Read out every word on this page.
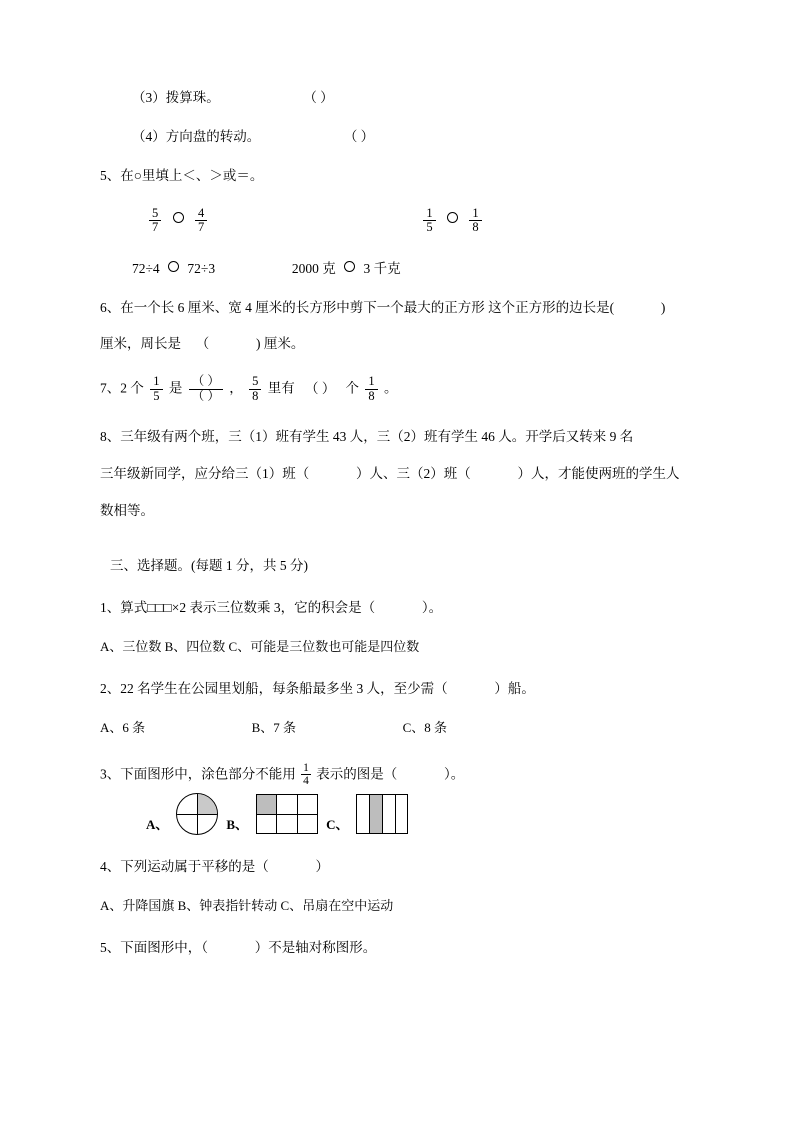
（3）拨算珠。	（ ）
（4）方向盘的转动。	（ ）
5、在○里填上＜、＞或＝。
$\frac{5}{7}$
	$\frac{4}{7}$
	$\frac{1}{5}$
	$\frac{1}{8}$
72÷4 72÷3	2000 克 3 千克
6、在一个长 6 厘米、宽 4 厘米的长方形中剪下一个最大的正方形 这个正方形的边长是(	)
厘米，周长是 （	) 厘米。
7、2 个 $\frac{1}{5}$ 是 $\frac{( )}{( )}$ ， $\frac{5}{8}$ 里有 （ ） 个 $\frac{1}{8}$ 。
8、三年级有两个班，三（1）班有学生 43 人，三（2）班有学生 46 人。开学后又转来 9 名
三年级新同学，应分给三（1）班（	）人、三（2）班（	）人，才能使两班的学生人
数相等。
三、选择题。(每题 1 分，共 5 分)
1、算式□□□×2 表示三位数乘 3，它的积会是（	）。
A、三位数 B、四位数 C、可能是三位数也可能是四位数
2、22 名学生在公园里划船，每条船最多坐 3 人，至少需（	）船。
A、6 条	B、7 条	C、8 条
3、下面图形中，涂色部分不能用 $\frac{1}{4}$ 表示的图是（	）。
A、	B、	C、
4、下列运动属于平移的是（	）
A、升降国旗 B、钟表指针转动 C、吊扇在空中运动
5、下面图形中，（	）不是轴对称图形。
